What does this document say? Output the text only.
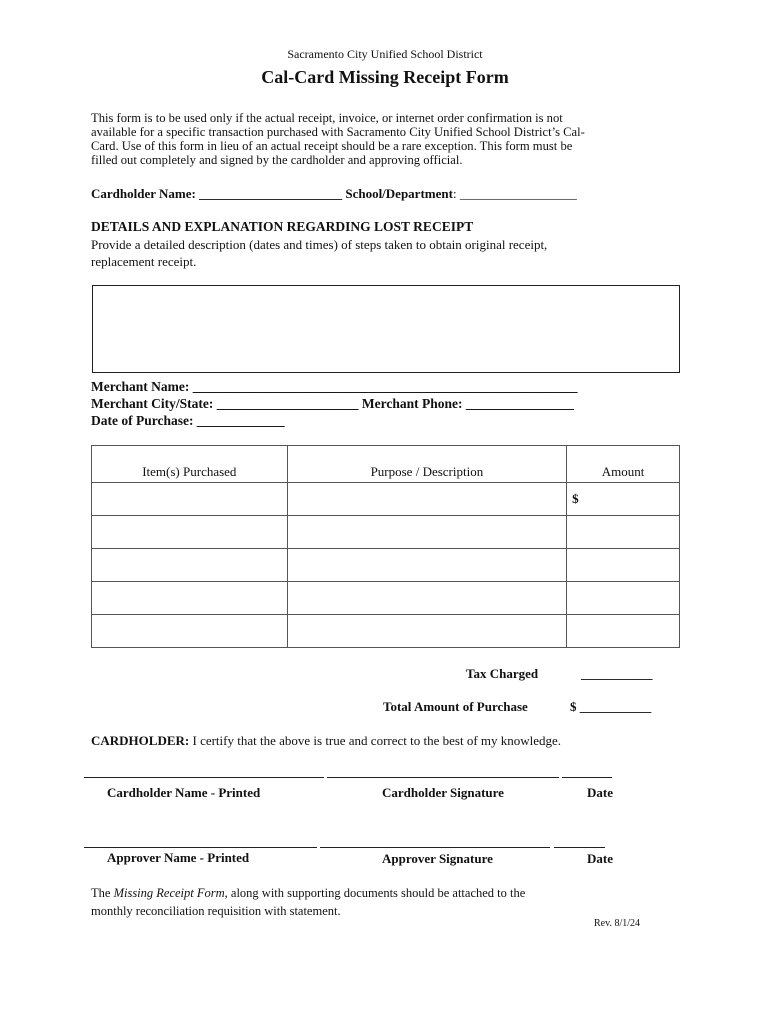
Sacramento City Unified School District
Cal-Card Missing Receipt Form
This form is to be used only if the actual receipt, invoice, or internet order confirmation is not
available for a specific transaction purchased with Sacramento City Unified School District’s Cal-
Card. Use of this form in lieu of an actual receipt should be a rare exception. This form must be
filled out completely and signed by the cardholder and approving official.
Cardholder Name: ______________________ School/Department: __________________
DETAILS AND EXPLANATION REGARDING LOST RECEIPT
Provide a detailed description (dates and times) of steps taken to obtain original receipt,
replacement receipt.
Merchant Name: _________________________________________________________
Merchant City/State: _____________________ Merchant Phone: ________________
Date of Purchase: _____________
Item(s) Purchased	Purpose / Description	Amount
		$

Tax Charged	___________
Total Amount of Purchase	$ ___________
CARDHOLDER: I certify that the above is true and correct to the best of my knowledge.
Cardholder Name - Printed	Cardholder Signature	Date
Approver Name - Printed	Approver Signature	Date
The Missing Receipt Form, along with supporting documents should be attached to the
monthly reconciliation requisition with statement.
Rev. 8/1/24
